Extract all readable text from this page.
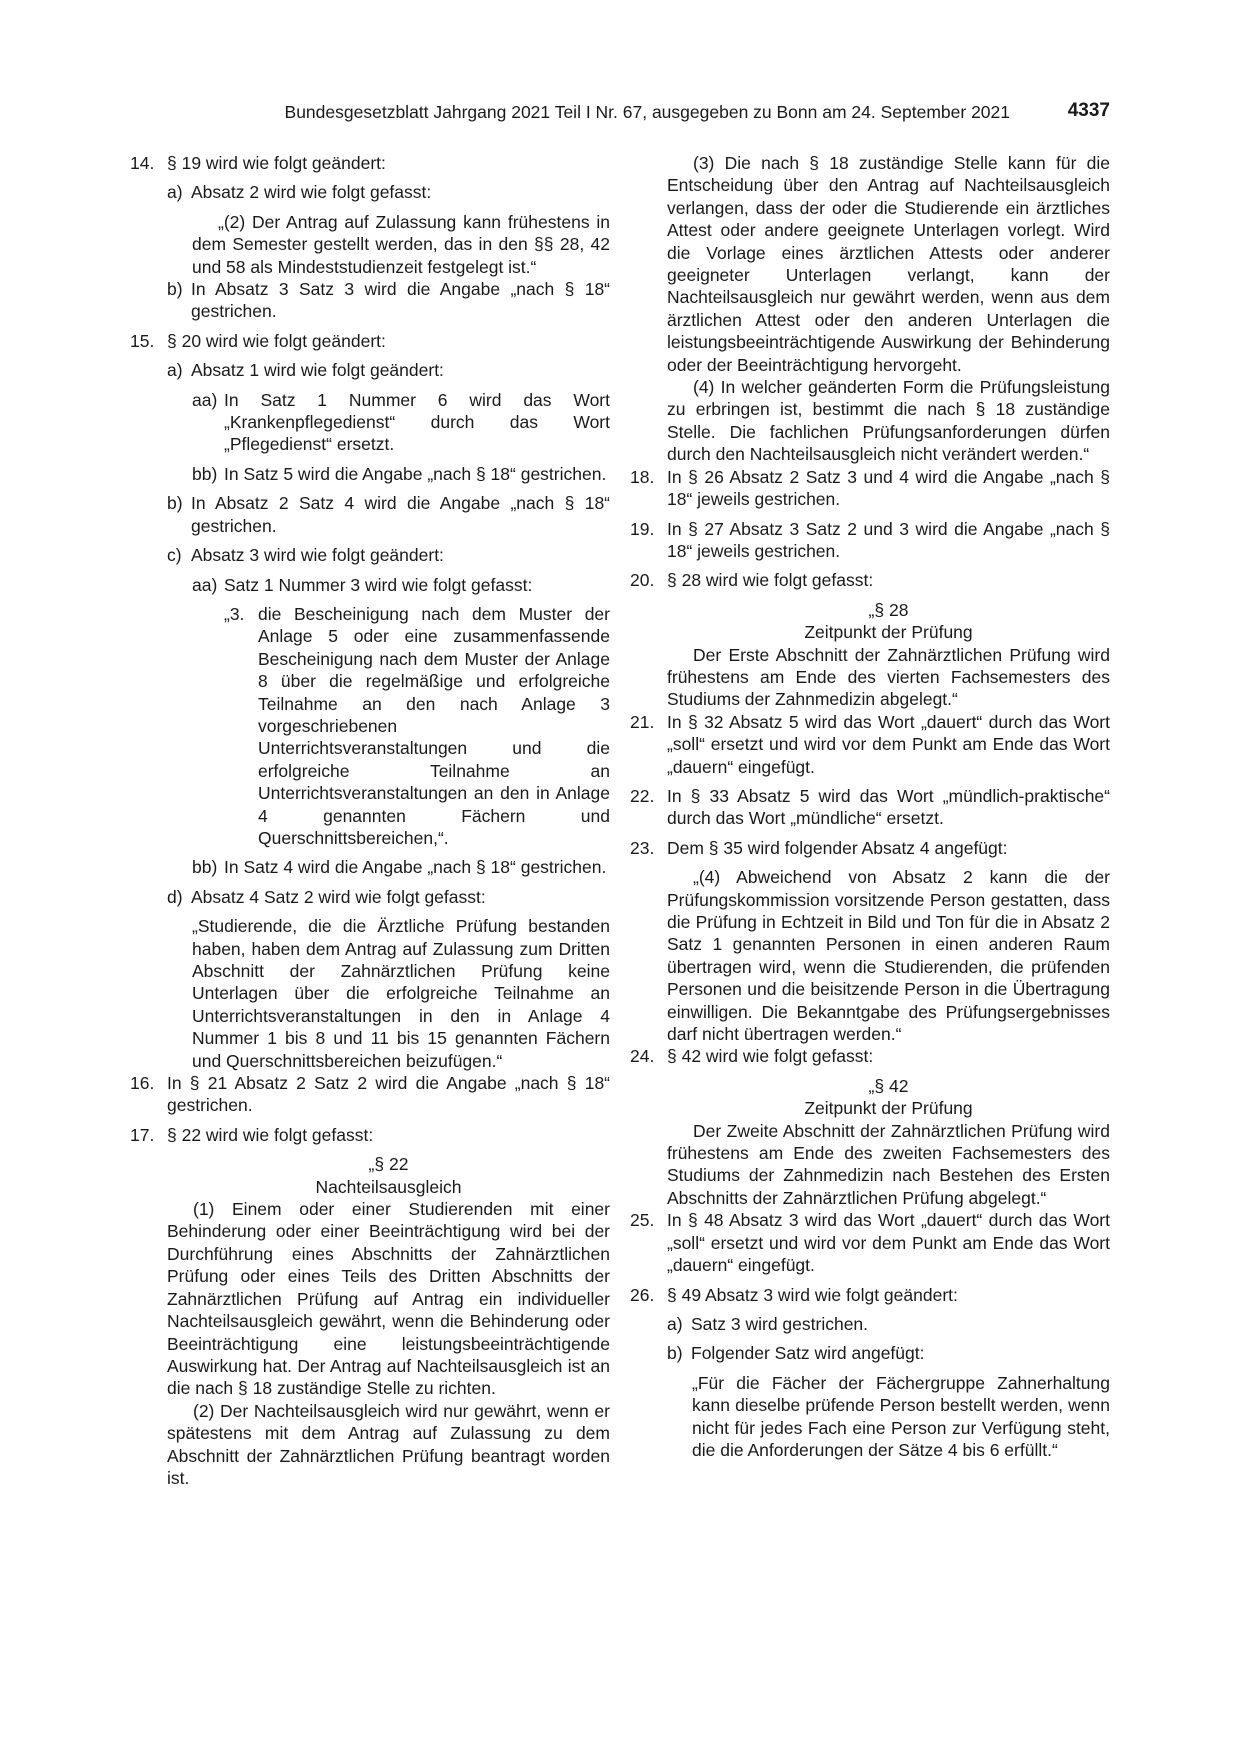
Bundesgesetzblatt Jahrgang 2021 Teil I Nr. 67, ausgegeben zu Bonn am 24. September 2021	4337
14. § 19 wird wie folgt geändert:
a) Absatz 2 wird wie folgt gefasst:

„(2) Der Antrag auf Zulassung kann frühestens in dem Semester gestellt werden, das in den §§ 28, 42 und 58 als Mindeststudienzeit festgelegt ist.“

b) In Absatz 3 Satz 3 wird die Angabe „nach § 18“ gestrichen.
15. § 20 wird wie folgt geändert:
a) Absatz 1 wird wie folgt geändert:
aa) In Satz 1 Nummer 6 wird das Wort „Krankenpflegedienst“ durch das Wort „Pflegedienst“ ersetzt.
bb) In Satz 5 wird die Angabe „nach § 18“ gestrichen.
b) In Absatz 2 Satz 4 wird die Angabe „nach § 18“ gestrichen.
c) Absatz 3 wird wie folgt geändert:
aa) Satz 1 Nummer 3 wird wie folgt gefasst:
„3. die Bescheinigung nach dem Muster der Anlage 5 oder eine zusammenfassende Bescheinigung nach dem Muster der Anlage 8 über die regelmäßige und erfolgreiche Teilnahme an den nach Anlage 3 vorgeschriebenen Unterrichtsveranstaltungen und die erfolgreiche Teilnahme an Unterrichtsveranstaltungen an den in Anlage 4 genannten Fächern und Querschnittsbereichen,“.
bb) In Satz 4 wird die Angabe „nach § 18“ gestrichen.
d) Absatz 4 Satz 2 wird wie folgt gefasst:

„Studierende, die die Ärztliche Prüfung bestanden haben, haben dem Antrag auf Zulassung zum Dritten Abschnitt der Zahnärztlichen Prüfung keine Unterlagen über die erfolgreiche Teilnahme an Unterrichtsveranstaltungen in den in Anlage 4 Nummer 1 bis 8 und 11 bis 15 genannten Fächern und Querschnittsbereichen beizufügen.“

16. In § 21 Absatz 2 Satz 2 wird die Angabe „nach § 18“ gestrichen.
17. § 22 wird wie folgt gefasst:

„§ 22

Nachteilsausgleich

(1) Einem oder einer Studierenden mit einer Behinderung oder einer Beeinträchtigung wird bei der Durchführung eines Abschnitts der Zahnärztlichen Prüfung oder eines Teils des Dritten Abschnitts der Zahnärztlichen Prüfung auf Antrag ein individueller Nachteilsausgleich gewährt, wenn die Behinderung oder Beeinträchtigung eine leistungsbeeinträchtigende Auswirkung hat. Der Antrag auf Nachteilsausgleich ist an die nach § 18 zuständige Stelle zu richten.

(2) Der Nachteilsausgleich wird nur gewährt, wenn er spätestens mit dem Antrag auf Zulassung zu dem Abschnitt der Zahnärztlichen Prüfung beantragt worden ist.

(3) Die nach § 18 zuständige Stelle kann für die Entscheidung über den Antrag auf Nachteilsausgleich verlangen, dass der oder die Studierende ein ärztliches Attest oder andere geeignete Unterlagen vorlegt. Wird die Vorlage eines ärztlichen Attests oder anderer geeigneter Unterlagen verlangt, kann der Nachteilsausgleich nur gewährt werden, wenn aus dem ärztlichen Attest oder den anderen Unterlagen die leistungsbeeinträchtigende Auswirkung der Behinderung oder der Beeinträchtigung hervorgeht.

(4) In welcher geänderten Form die Prüfungsleistung zu erbringen ist, bestimmt die nach § 18 zuständige Stelle. Die fachlichen Prüfungsanforderungen dürfen durch den Nachteilsausgleich nicht verändert werden.“

18. In § 26 Absatz 2 Satz 3 und 4 wird die Angabe „nach § 18“ jeweils gestrichen.
19. In § 27 Absatz 3 Satz 2 und 3 wird die Angabe „nach § 18“ jeweils gestrichen.
20. § 28 wird wie folgt gefasst:

„§ 28

Zeitpunkt der Prüfung

Der Erste Abschnitt der Zahnärztlichen Prüfung wird frühestens am Ende des vierten Fachsemesters des Studiums der Zahnmedizin abgelegt.“

21. In § 32 Absatz 5 wird das Wort „dauert“ durch das Wort „soll“ ersetzt und wird vor dem Punkt am Ende das Wort „dauern“ eingefügt.
22. In § 33 Absatz 5 wird das Wort „mündlich-praktische“ durch das Wort „mündliche“ ersetzt.
23. Dem § 35 wird folgender Absatz 4 angefügt:

„(4) Abweichend von Absatz 2 kann die der Prüfungskommission vorsitzende Person gestatten, dass die Prüfung in Echtzeit in Bild und Ton für die in Absatz 2 Satz 1 genannten Personen in einen anderen Raum übertragen wird, wenn die Studierenden, die prüfenden Personen und die beisitzende Person in die Übertragung einwilligen. Die Bekanntgabe des Prüfungsergebnisses darf nicht übertragen werden.“

24. § 42 wird wie folgt gefasst:

„§ 42

Zeitpunkt der Prüfung

Der Zweite Abschnitt der Zahnärztlichen Prüfung wird frühestens am Ende des zweiten Fachsemesters des Studiums der Zahnmedizin nach Bestehen des Ersten Abschnitts der Zahnärztlichen Prüfung abgelegt.“

25. In § 48 Absatz 3 wird das Wort „dauert“ durch das Wort „soll“ ersetzt und wird vor dem Punkt am Ende das Wort „dauern“ eingefügt.
26. § 49 Absatz 3 wird wie folgt geändert:
a) Satz 3 wird gestrichen.
b) Folgender Satz wird angefügt:

„Für die Fächer der Fächergruppe Zahnerhaltung kann dieselbe prüfende Person bestellt werden, wenn nicht für jedes Fach eine Person zur Verfügung steht, die die Anforderungen der Sätze 4 bis 6 erfüllt.“
